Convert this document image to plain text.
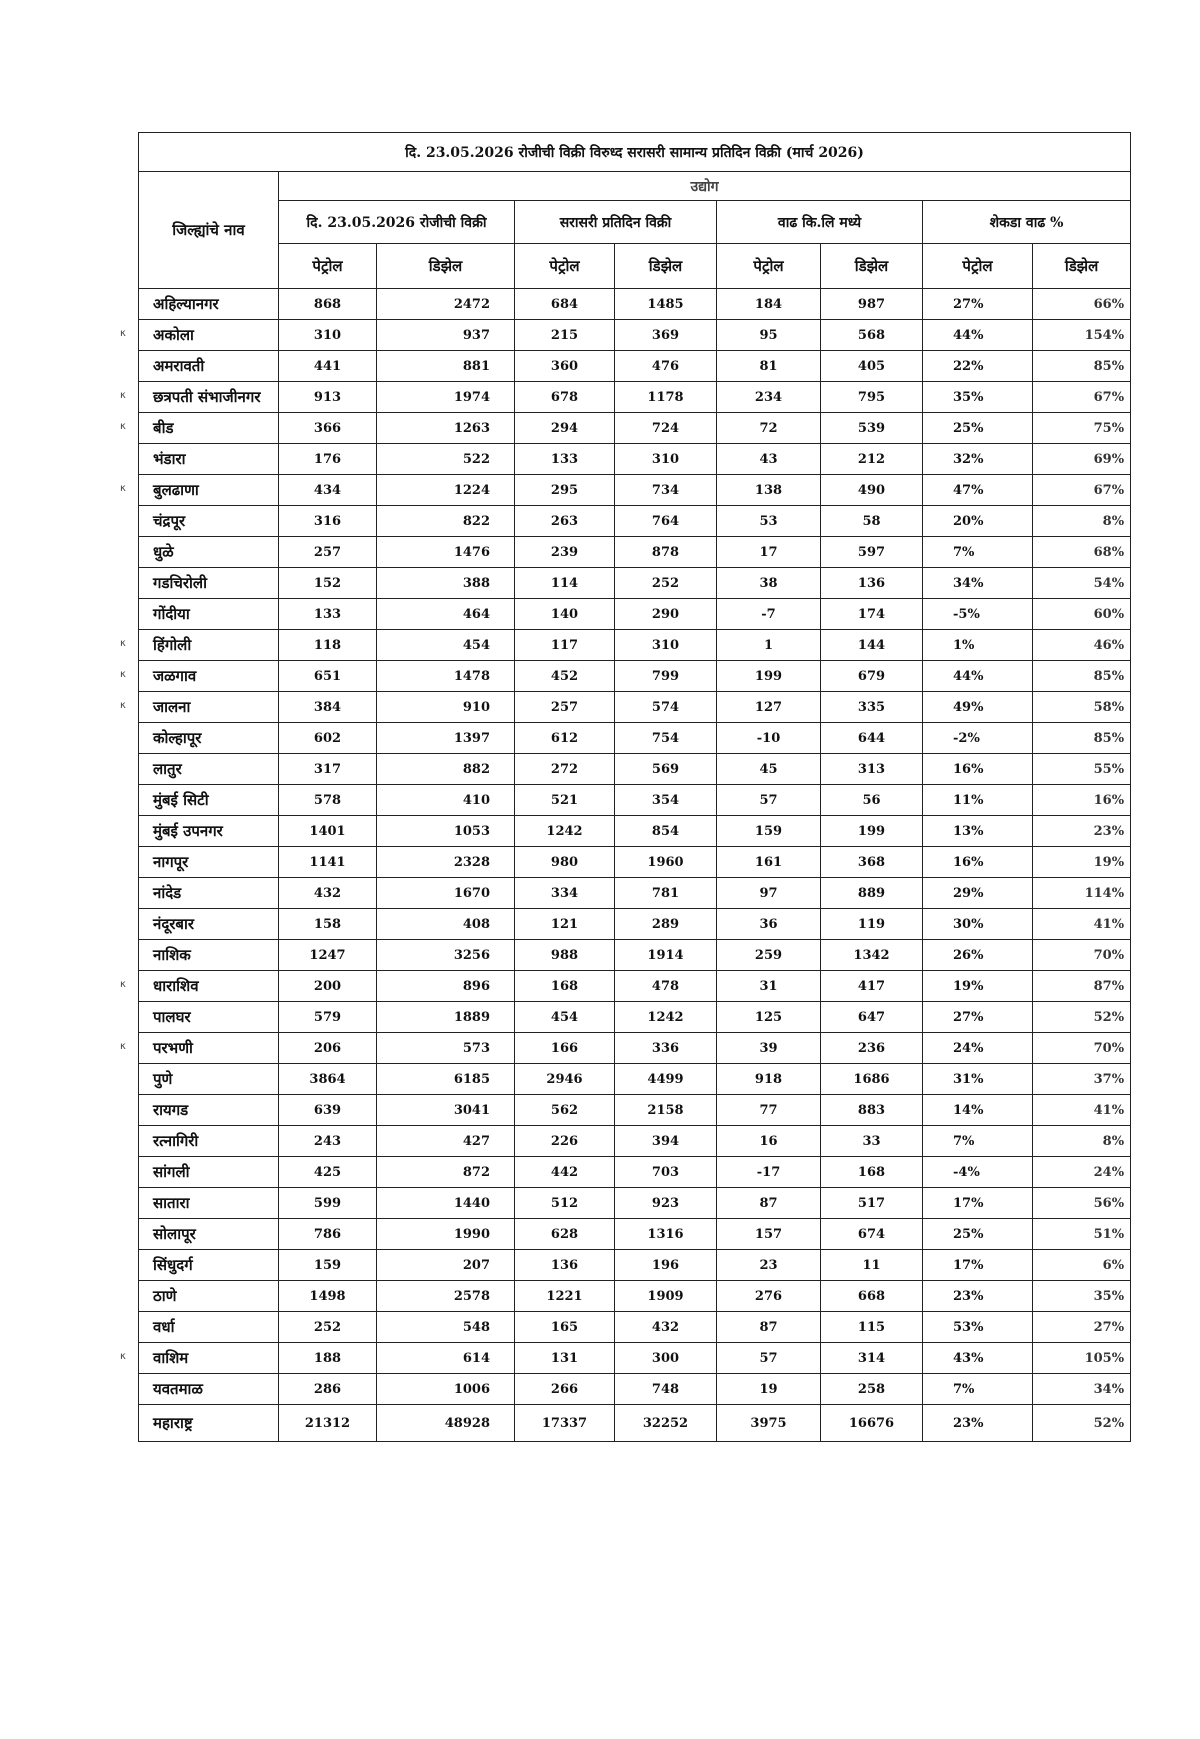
दि. 23.05.2026 रोजीची विक्री विरुध्द सरासरी सामान्य प्रतिदिन विक्री (मार्च 2026)								
जिल्ह्यांचे नाव	उद्योग							
	दि. 23.05.2026 रोजीची विक्री		सरासरी प्रतिदिन विक्री		वाढ कि.लि मध्ये		शेकडा वाढ %	
	पेट्रोल	डिझेल	पेट्रोल	डिझेल	पेट्रोल	डिझेल	पेट्रोल	डिझेल
अहिल्यानगर	868	2472	684	1485	184	987	27%	66%
अकोला	310	937	215	369	95	568	44%	154%
अमरावती	441	881	360	476	81	405	22%	85%
छत्रपती संभाजीनगर	913	1974	678	1178	234	795	35%	67%
बीड	366	1263	294	724	72	539	25%	75%
भंडारा	176	522	133	310	43	212	32%	69%
बुलढाणा	434	1224	295	734	138	490	47%	67%
चंद्रपूर	316	822	263	764	53	58	20%	8%
धुळे	257	1476	239	878	17	597	7%	68%
गडचिरोली	152	388	114	252	38	136	34%	54%
गोंदीया	133	464	140	290	-7	174	-5%	60%
हिंगोली	118	454	117	310	1	144	1%	46%
जळगाव	651	1478	452	799	199	679	44%	85%
जालना	384	910	257	574	127	335	49%	58%
कोल्हापूर	602	1397	612	754	-10	644	-2%	85%
लातुर	317	882	272	569	45	313	16%	55%
मुंबई सिटी	578	410	521	354	57	56	11%	16%
मुंबई उपनगर	1401	1053	1242	854	159	199	13%	23%
नागपूर	1141	2328	980	1960	161	368	16%	19%
नांदेड	432	1670	334	781	97	889	29%	114%
नंदूरबार	158	408	121	289	36	119	30%	41%
नाशिक	1247	3256	988	1914	259	1342	26%	70%
धाराशिव	200	896	168	478	31	417	19%	87%
पालघर	579	1889	454	1242	125	647	27%	52%
परभणी	206	573	166	336	39	236	24%	70%
पुणे	3864	6185	2946	4499	918	1686	31%	37%
रायगड	639	3041	562	2158	77	883	14%	41%
रत्नागिरी	243	427	226	394	16	33	7%	8%
सांगली	425	872	442	703	-17	168	-4%	24%
सातारा	599	1440	512	923	87	517	17%	56%
सोलापूर	786	1990	628	1316	157	674	25%	51%
सिंधुदर्ग	159	207	136	196	23	11	17%	6%
ठाणे	1498	2578	1221	1909	276	668	23%	35%
वर्धा	252	548	165	432	87	115	53%	27%
वाशिम	188	614	131	300	57	314	43%	105%
यवतमाळ	286	1006	266	748	19	258	7%	34%
महाराष्ट्र	21312	48928	17337	32252	3975	16676	23%	52%
κ
κ
κ
κ
κ
κ
κ
κ
κ
κ
